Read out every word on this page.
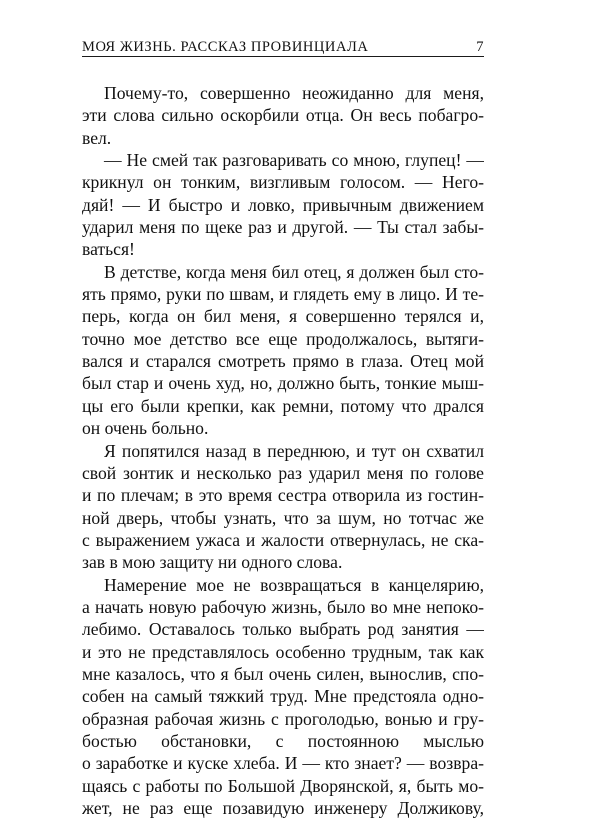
МОЯ ЖИЗНЬ. РАССКАЗ ПРОВИНЦИАЛА	7
Почему-то, совершенно неожиданно для меня,
эти слова сильно оскорбили отца. Он весь побагро-
вел.
— Не смей так разговаривать со мною, глупец! —
крикнул он тонким, визгливым голосом. — Него-
дяй! — И быстро и ловко, привычным движением
ударил меня по щеке раз и другой. — Ты стал забы-
ваться!
В детстве, когда меня бил отец, я должен был сто-
ять прямо, руки по швам, и глядеть ему в лицо. И те-
перь, когда он бил меня, я совершенно терялся и,
точно мое детство все еще продолжалось, вытяги-
вался и старался смотреть прямо в глаза. Отец мой
был стар и очень худ, но, должно быть, тонкие мыш-
цы его были крепки, как ремни, потому что дрался
он очень больно.
Я попятился назад в переднюю, и тут он схватил
свой зонтик и несколько раз ударил меня по голове
и по плечам; в это время сестра отворила из гостин-
ной дверь, чтобы узнать, что за шум, но тотчас же
с выражением ужаса и жалости отвернулась, не ска-
зав в мою защиту ни одного слова.
Намерение мое не возвращаться в канцелярию,
а начать новую рабочую жизнь, было во мне непоко-
лебимо. Оставалось только выбрать род занятия —
и это не представлялось особенно трудным, так как
мне казалось, что я был очень силен, вынослив, спо-
собен на самый тяжкий труд. Мне предстояла одно-
образная рабочая жизнь с проголодью, вонью и гру-
бостью обстановки, с постоянною мыслью
о заработке и куске хлеба. И — кто знает? — возвра-
щаясь с работы по Большой Дворянской, я, быть мо-
жет, не раз еще позавидую инженеру Должикову,
